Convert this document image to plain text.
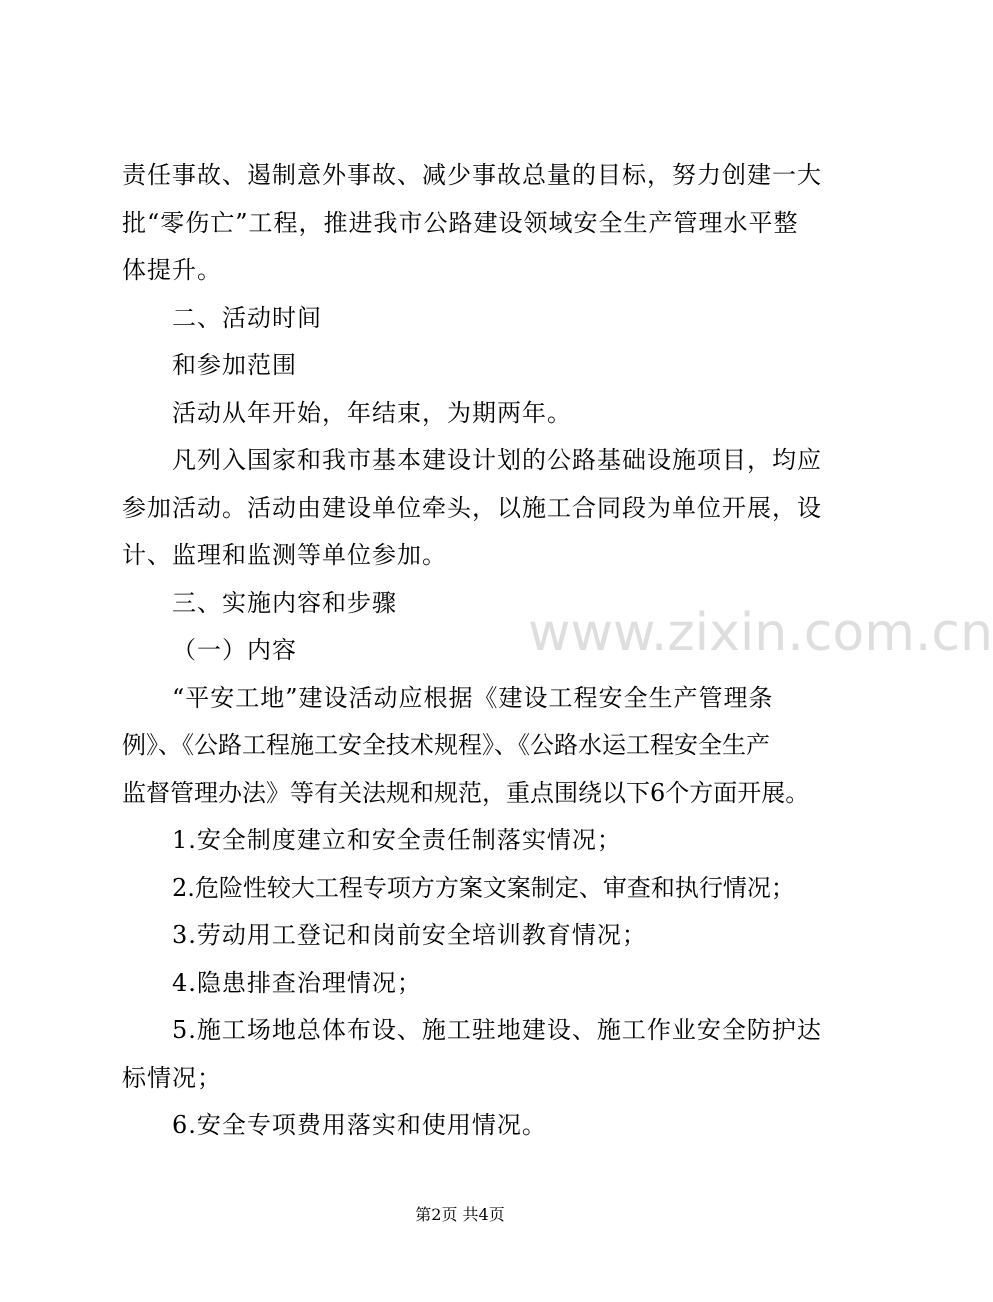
责任事故、遏制意外事故、减少事故总量的目标，努力创建一大
批“零伤亡”工程，推进我市公路建设领域安全生产管理水平整
体提升。
二、活动时间
和参加范围
活动从年开始，年结束，为期两年。
凡列入国家和我市基本建设计划的公路基础设施项目，均应
参加活动。活动由建设单位牵头，以施工合同段为单位开展，设
计、监理和监测等单位参加。
三、实施内容和步骤
（一）内容
“平安工地”建设活动应根据《建设工程安全生产管理条
例》、《公路工程施工安全技术规程》、《公路水运工程安全生产
监督管理办法》等有关法规和规范，重点围绕以下6个方面开展。
1.安全制度建立和安全责任制落实情况；
2.危险性较大工程专项方方案文案制定、审查和执行情况；
3.劳动用工登记和岗前安全培训教育情况；
4.隐患排查治理情况；
5.施工场地总体布设、施工驻地建设、施工作业安全防护达
标情况；
6.安全专项费用落实和使用情况。
www.zixin.com.cn
第2页 共4页
